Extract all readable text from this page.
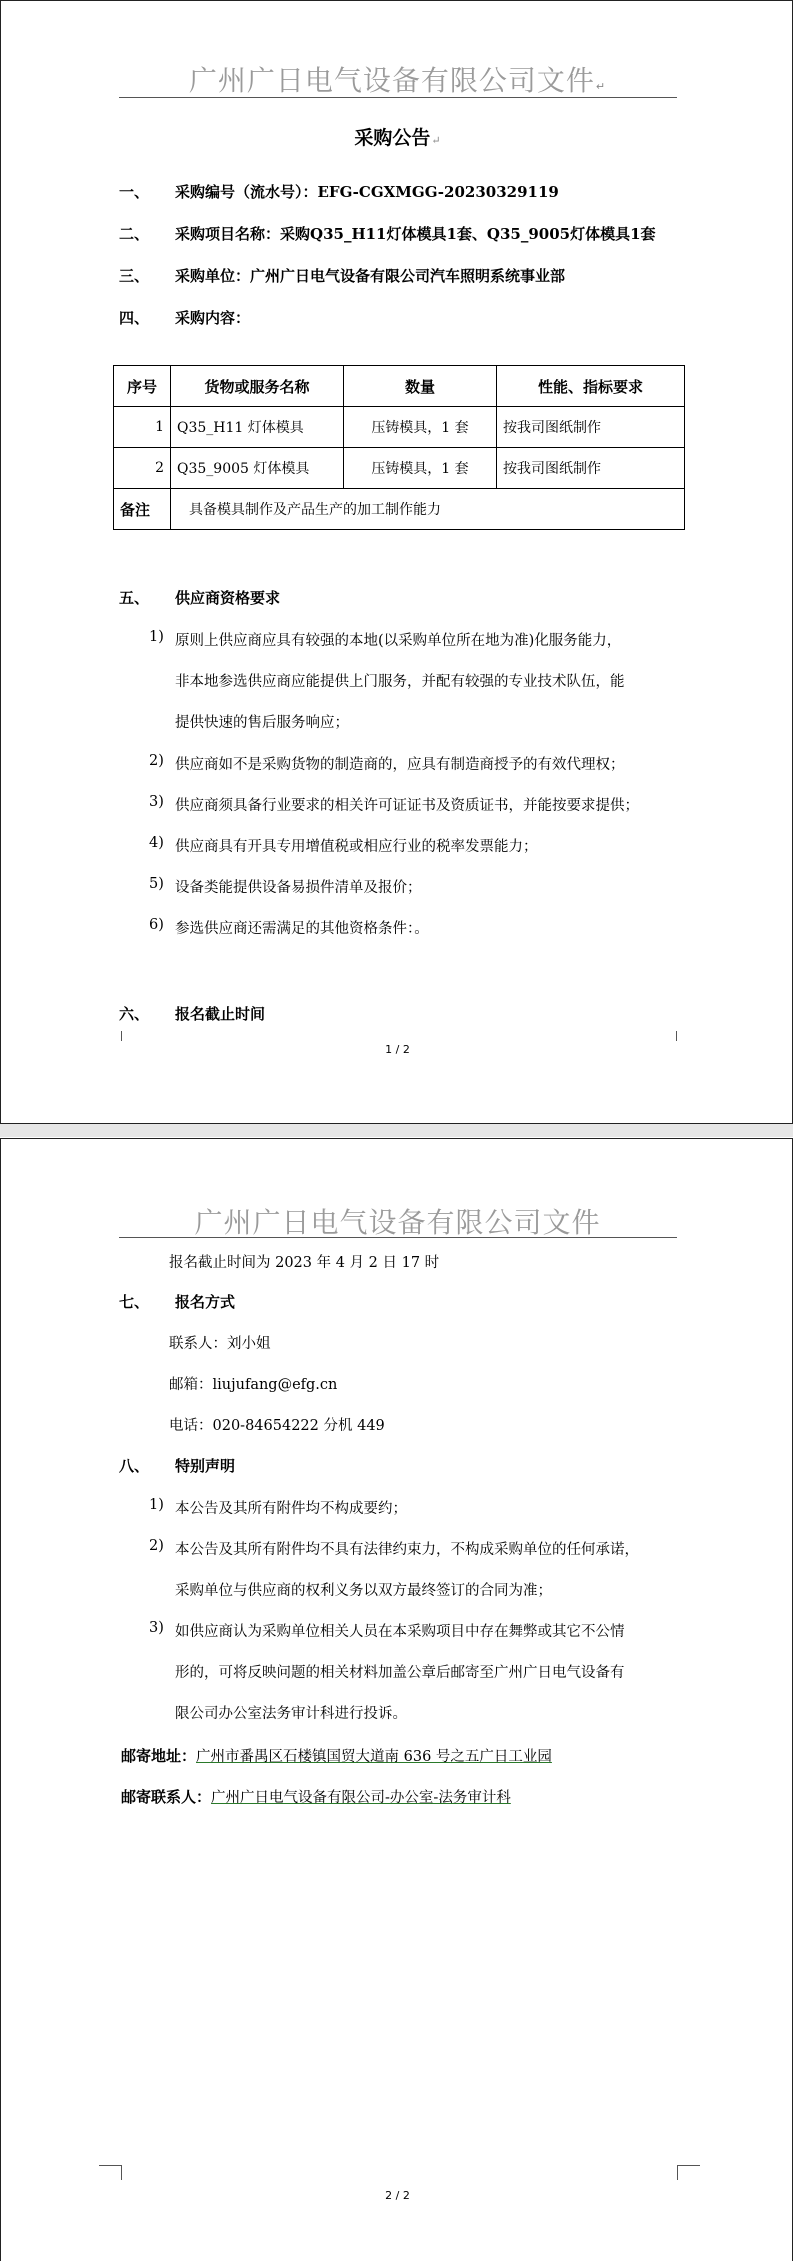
广州广日电气设备有限公司文件↵
采购公告↵
一、 采购编号（流水号）：EFG-CGXMGG-20230329119
二、 采购项目名称：采购Q35_H11灯体模具1套、Q35_9005灯体模具1套
三、 采购单位：广州广日电气设备有限公司汽车照明系统事业部
四、 采购内容：
序号	货物或服务名称	数量	性能、指标要求
1	Q35_H11 灯体模具	压铸模具，1 套	按我司图纸制作
2	Q35_9005 灯体模具	压铸模具，1 套	按我司图纸制作
备注	具备模具制作及产品生产的加工制作能力		
五、 供应商资格要求
1) 原则上供应商应具有较强的本地(以采购单位所在地为准)化服务能力，
非本地参选供应商应能提供上门服务，并配有较强的专业技术队伍，能
提供快速的售后服务响应；
2) 供应商如不是采购货物的制造商的，应具有制造商授予的有效代理权；
3) 供应商须具备行业要求的相关许可证证书及资质证书，并能按要求提供；
4) 供应商具有开具专用增值税或相应行业的税率发票能力；
5) 设备类能提供设备易损件清单及报价；
6) 参选供应商还需满足的其他资格条件：。
六、 报名截止时间
1 / 2
广州广日电气设备有限公司文件
报名截止时间为 2023 年 4 月 2 日 17 时
七、 报名方式
联系人：刘小姐
邮箱：liujufang@efg.cn
电话：020-84654222 分机 449
八、 特别声明
1) 本公告及其所有附件均不构成要约；
2) 本公告及其所有附件均不具有法律约束力，不构成采购单位的任何承诺，
采购单位与供应商的权利义务以双方最终签订的合同为准；
3) 如供应商认为采购单位相关人员在本采购项目中存在舞弊或其它不公情
形的，可将反映问题的相关材料加盖公章后邮寄至广州广日电气设备有
限公司办公室法务审计科进行投诉。
邮寄地址：广州市番禺区石楼镇国贸大道南 636 号之五广日工业园
邮寄联系人：广州广日电气设备有限公司-办公室-法务审计科
2 / 2
